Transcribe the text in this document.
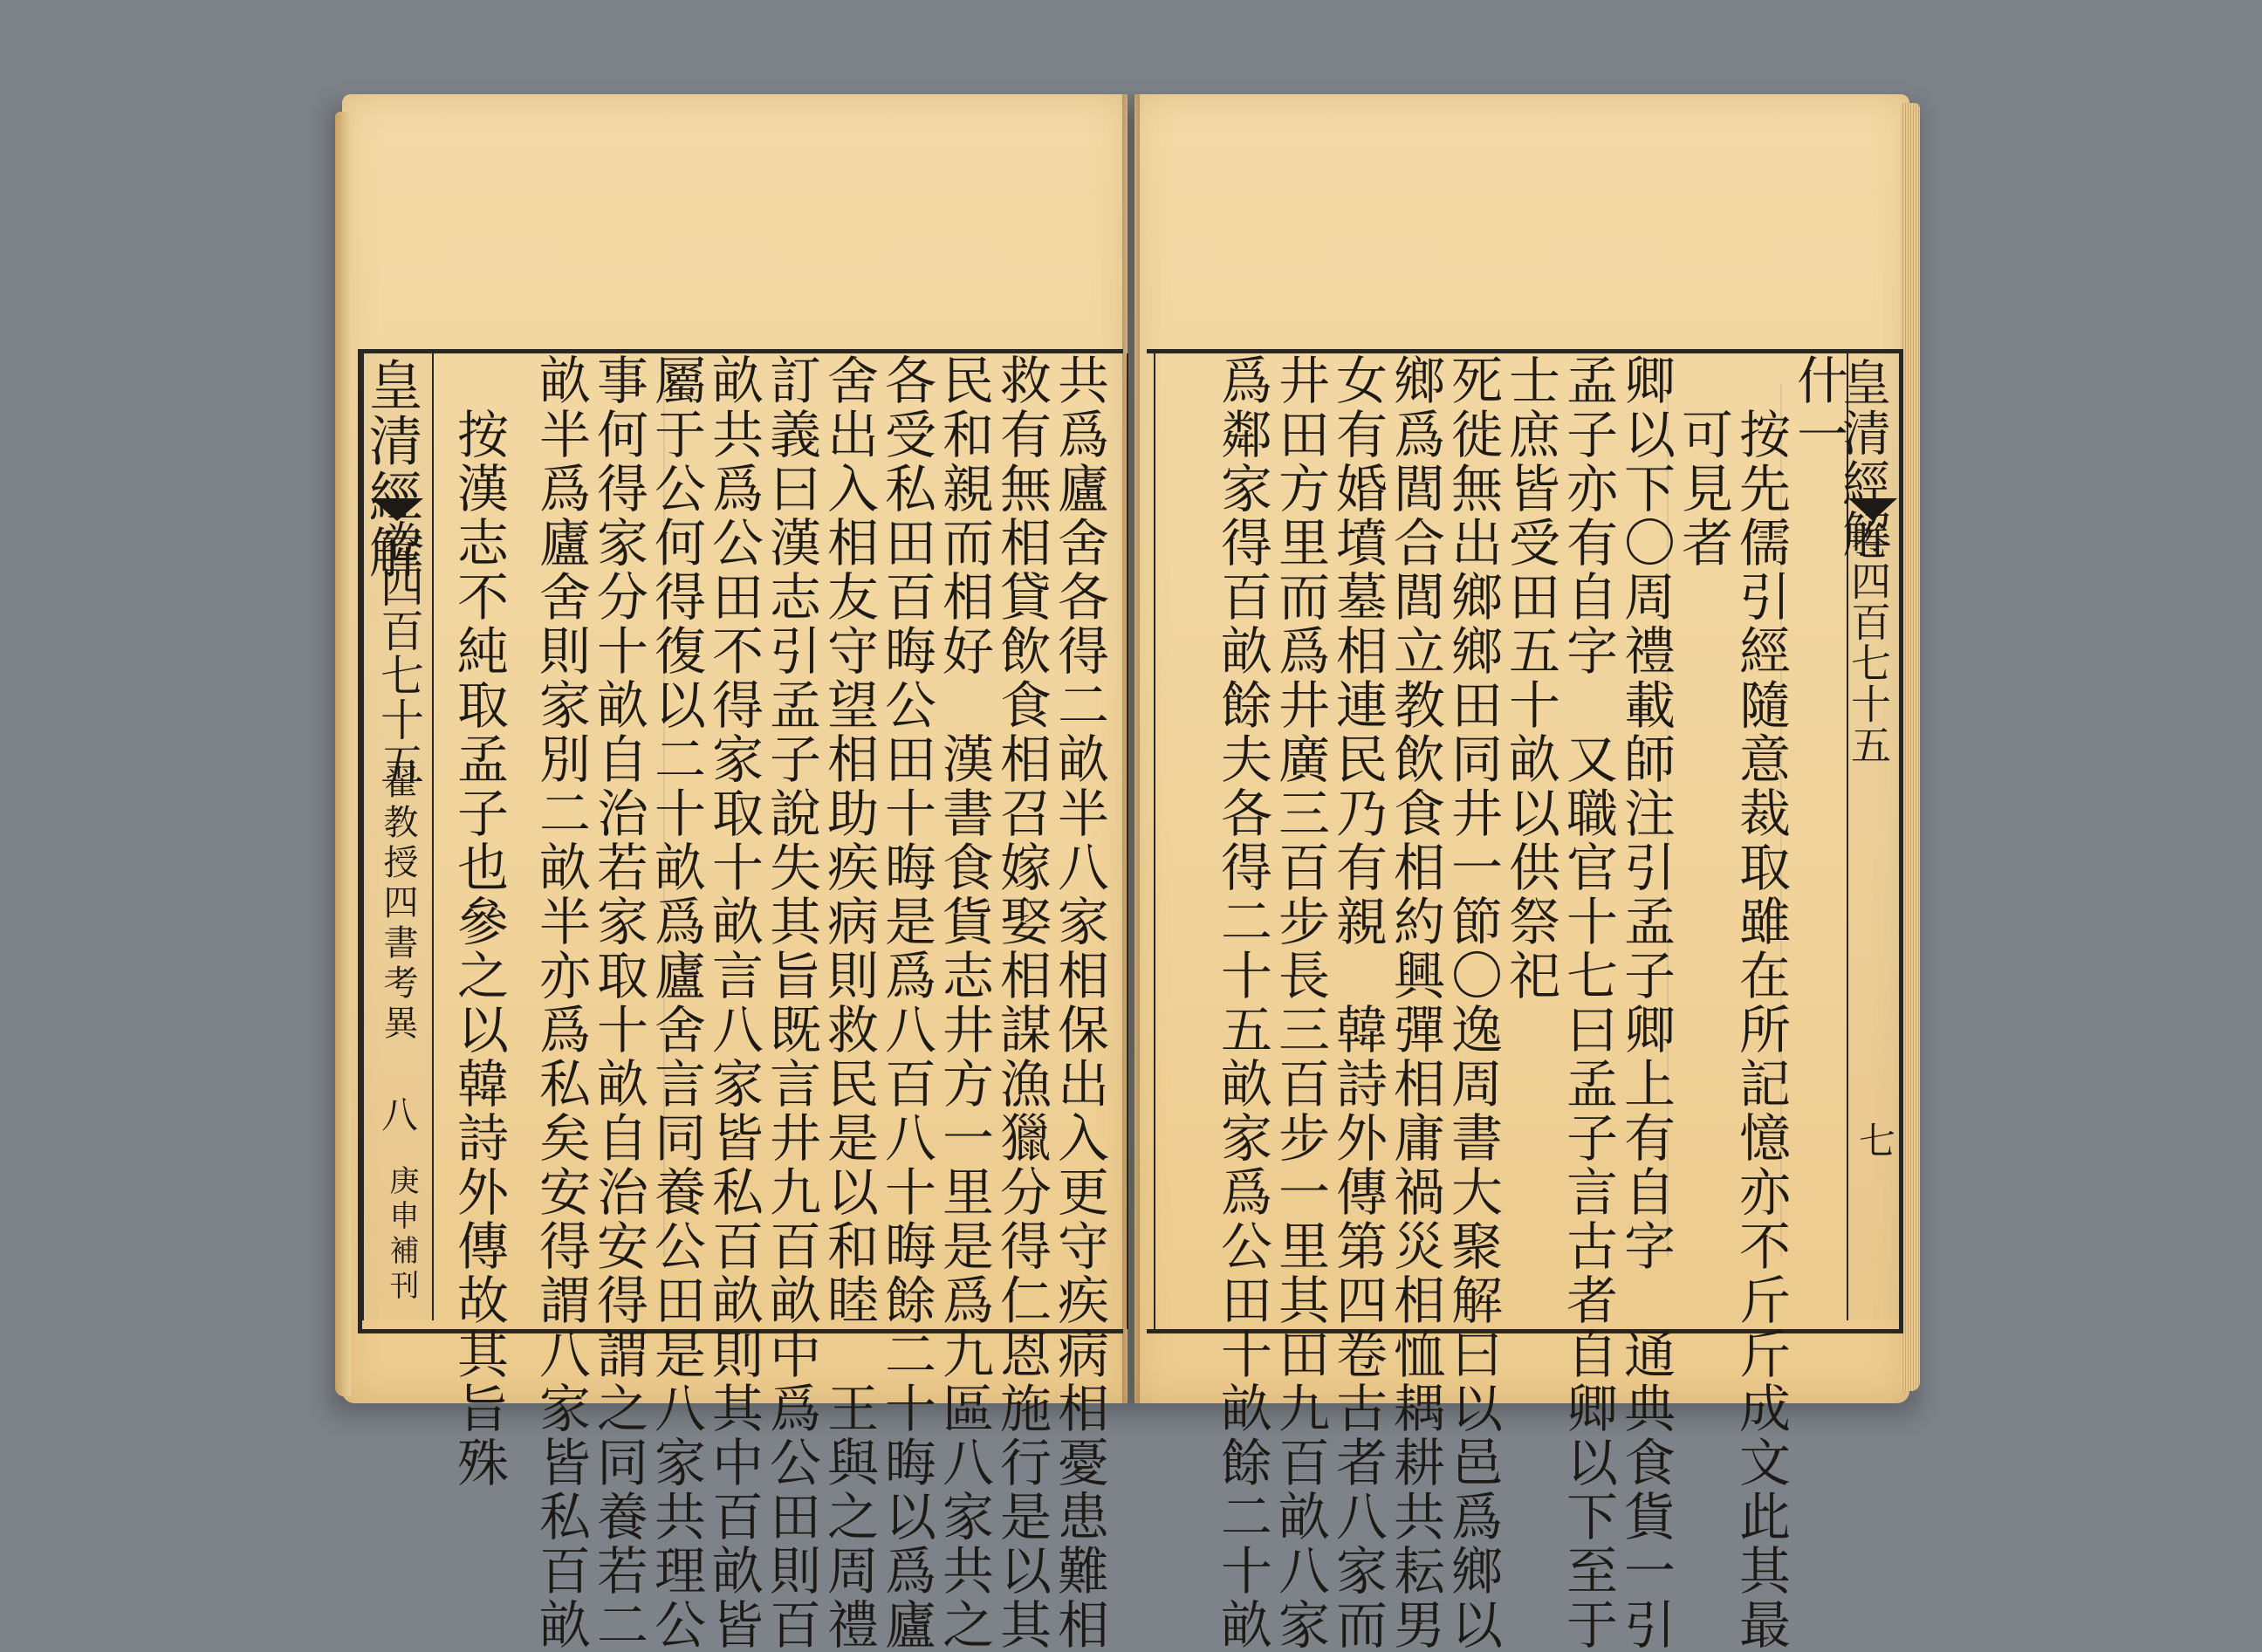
共爲廬舍各得二畝半八家相保出入更守疾病相憂患難相
救有無相貸飲食相召嫁娶相謀漁獵分得仁恩施行是以其
民和親而相好　漢書食貨志井方一里是爲九區八家共之
各受私田百晦公田十晦是爲八百八十晦餘二十晦以爲廬
舍出入相友守望相助疾病則救民是以和睦　王與之周禮
訂義曰漢志引孟子說失其旨既言井九百畝中爲公田則百
畝共爲公田不得家取十畝言八家皆私百畝則其中百畝皆
屬于公何得復以二十畝爲廬舍言同養公田是八家共理公
事何得家分十畝自治若家取十畝自治安得謂之同養若二
畝半爲廬舍則家別二畝半亦爲私矣安得謂八家皆私百畝
　按漢志不純取孟子也參之以韓詩外傳故其旨殊
皇清經解
卷四百七十五
翟教授四書考異
八
庚申補刊
什一
　按先儒引經隨意裁取雖在所記憶亦不斤斤成文此其最
　可見者
卿以下〇周禮載師注引孟子卿上有自字　通典食貨一引
孟子亦有自字　又職官十七曰孟子言古者自卿以下至于
士庶皆受田五十畝以供祭祀
死徙無出鄉鄉田同井一節〇逸周書大聚解曰以邑爲鄉以
鄉爲閭合閭立教飲食相約興彈相庸禍災相恤耦耕共耘男
女有婚墳墓相連民乃有親　韓詩外傳第四卷古者八家而
井田方里而爲井廣三百步長三百步一里其田九百畝八家
爲鄰家得百畝餘夫各得二十五畝家爲公田十畝餘二十畝	皇清經解
卷四百七十五
七
